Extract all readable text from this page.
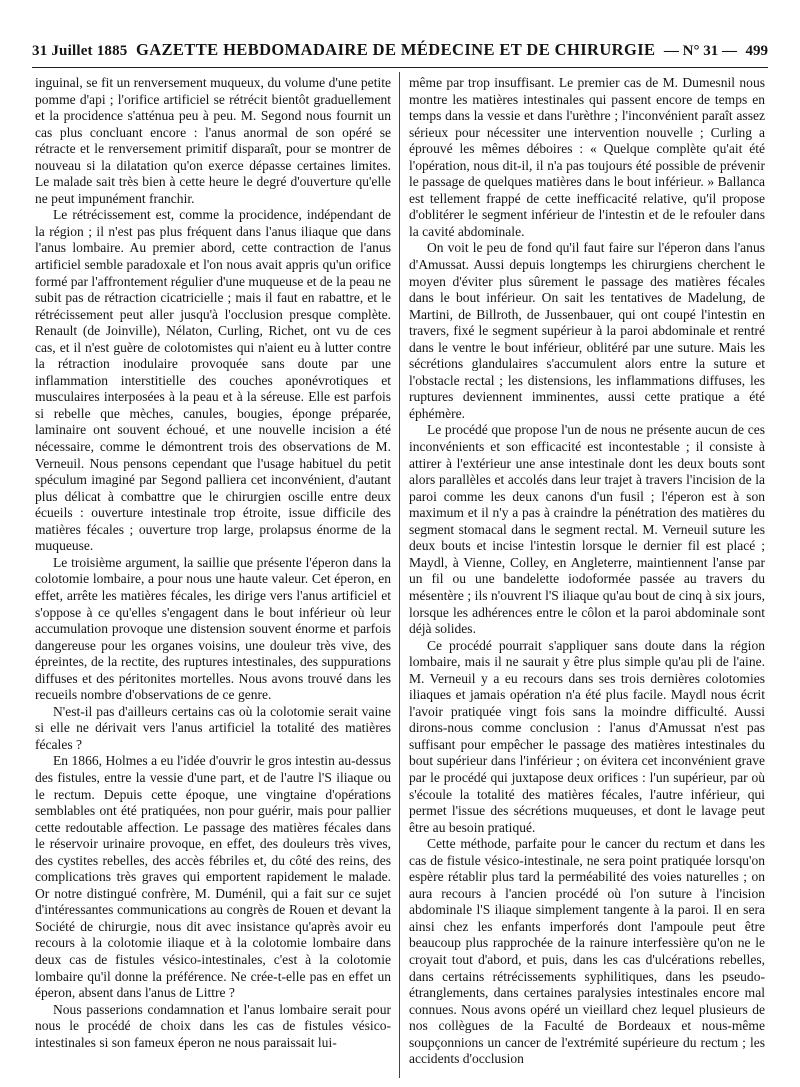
31 Juillet 1885 GAZETTE HEBDOMADAIRE DE MÉDECINE ET DE CHIRURGIE — N° 31 — 499

inguinal, se fit un renversement muqueux, du volume d'une petite pomme d'api ; l'orifice artificiel se rétrécit bientôt graduellement et la procidence s'atténua peu à peu. M. Segond nous fournit un cas plus concluant encore : l'anus anormal de son opéré se rétracte et le renversement primitif disparaît, pour se montrer de nouveau si la dilatation qu'on exerce dépasse certaines limites. Le malade sait très bien à cette heure le degré d'ouverture qu'elle ne peut impunément franchir.

Le rétrécissement est, comme la procidence, indépendant de la région ; il n'est pas plus fréquent dans l'anus iliaque que dans l'anus lombaire. Au premier abord, cette contraction de l'anus artificiel semble paradoxale et l'on nous avait appris qu'un orifice formé par l'affrontement régulier d'une muqueuse et de la peau ne subit pas de rétraction cicatricielle ; mais il faut en rabattre, et le rétrécissement peut aller jusqu'à l'occlusion presque complète. Renault (de Joinville), Nélaton, Curling, Richet, ont vu de ces cas, et il n'est guère de colotomistes qui n'aient eu à lutter contre la rétraction inodulaire provoquée sans doute par une inflammation interstitielle des couches aponévrotiques et musculaires interposées à la peau et à la séreuse. Elle est parfois si rebelle que mèches, canules, bougies, éponge préparée, laminaire ont souvent échoué, et une nouvelle incision a été nécessaire, comme le démontrent trois des observations de M. Verneuil. Nous pensons cependant que l'usage habituel du petit spéculum imaginé par Segond palliera cet inconvénient, d'autant plus délicat à combattre que le chirurgien oscille entre deux écueils : ouverture intestinale trop étroite, issue difficile des matières fécales ; ouverture trop large, prolapsus énorme de la muqueuse.

Le troisième argument, la saillie que présente l'éperon dans la colotomie lombaire, a pour nous une haute valeur. Cet éperon, en effet, arrête les matières fécales, les dirige vers l'anus artificiel et s'oppose à ce qu'elles s'engagent dans le bout inférieur où leur accumulation provoque une distension souvent énorme et parfois dangereuse pour les organes voisins, une douleur très vive, des épreintes, de la rectite, des ruptures intestinales, des suppurations diffuses et des péritonites mortelles. Nous avons trouvé dans les recueils nombre d'observations de ce genre.

N'est-il pas d'ailleurs certains cas où la colotomie serait vaine si elle ne dérivait vers l'anus artificiel la totalité des matières fécales ?

En 1866, Holmes a eu l'idée d'ouvrir le gros intestin au-dessus des fistules, entre la vessie d'une part, et de l'autre l'S iliaque ou le rectum. Depuis cette époque, une vingtaine d'opérations semblables ont été pratiquées, non pour guérir, mais pour pallier cette redoutable affection. Le passage des matières fécales dans le réservoir urinaire provoque, en effet, des douleurs très vives, des cystites rebelles, des accès fébriles et, du côté des reins, des complications très graves qui emportent rapidement le malade. Or notre distingué confrère, M. Duménil, qui a fait sur ce sujet d'intéressantes communications au congrès de Rouen et devant la Société de chirurgie, nous dit avec insistance qu'après avoir eu recours à la colotomie iliaque et à la colotomie lombaire dans deux cas de fistules vésico-intestinales, c'est à la colotomie lombaire qu'il donne la préférence. Ne crée-t-elle pas en effet un éperon, absent dans l'anus de Littre ?

Nous passerions condamnation et l'anus lombaire serait pour nous le procédé de choix dans les cas de fistules vésico-intestinales si son fameux éperon ne nous paraissait lui-

même par trop insuffisant. Le premier cas de M. Dumesnil nous montre les matières intestinales qui passent encore de temps en temps dans la vessie et dans l'urèthre ; l'inconvénient paraît assez sérieux pour nécessiter une intervention nouvelle ; Curling a éprouvé les mêmes déboires : « Quelque complète qu'ait été l'opération, nous dit-il, il n'a pas toujours été possible de prévenir le passage de quelques matières dans le bout inférieur. » Ballanca est tellement frappé de cette inefficacité relative, qu'il propose d'oblitérer le segment inférieur de l'intestin et de le refouler dans la cavité abdominale.

On voit le peu de fond qu'il faut faire sur l'éperon dans l'anus d'Amussat. Aussi depuis longtemps les chirurgiens cherchent le moyen d'éviter plus sûrement le passage des matières fécales dans le bout inférieur. On sait les tentatives de Madelung, de Martini, de Billroth, de Jussenbauer, qui ont coupé l'intestin en travers, fixé le segment supérieur à la paroi abdominale et rentré dans le ventre le bout inférieur, oblitéré par une suture. Mais les sécrétions glandulaires s'accumulent alors entre la suture et l'obstacle rectal ; les distensions, les inflammations diffuses, les ruptures deviennent imminentes, aussi cette pratique a été éphémère.

Le procédé que propose l'un de nous ne présente aucun de ces inconvénients et son efficacité est incontestable ; il consiste à attirer à l'extérieur une anse intestinale dont les deux bouts sont alors parallèles et accolés dans leur trajet à travers l'incision de la paroi comme les deux canons d'un fusil ; l'éperon est à son maximum et il n'y a pas à craindre la pénétration des matières du segment stomacal dans le segment rectal. M. Verneuil suture les deux bouts et incise l'intestin lorsque le dernier fil est placé ; Maydl, à Vienne, Colley, en Angleterre, maintiennent l'anse par un fil ou une bandelette iodoformée passée au travers du mésentère ; ils n'ouvrent l'S iliaque qu'au bout de cinq à six jours, lorsque les adhérences entre le côlon et la paroi abdominale sont déjà solides.

Ce procédé pourrait s'appliquer sans doute dans la région lombaire, mais il ne saurait y être plus simple qu'au pli de l'aine. M. Verneuil y a eu recours dans ses trois dernières colotomies iliaques et jamais opération n'a été plus facile. Maydl nous écrit l'avoir pratiquée vingt fois sans la moindre difficulté. Aussi dirons-nous comme conclusion : l'anus d'Amussat n'est pas suffisant pour empêcher le passage des matières intestinales du bout supérieur dans l'inférieur ; on évitera cet inconvénient grave par le procédé qui juxtapose deux orifices : l'un supérieur, par où s'écoule la totalité des matières fécales, l'autre inférieur, qui permet l'issue des sécrétions muqueuses, et dont le lavage peut être au besoin pratiqué.

Cette méthode, parfaite pour le cancer du rectum et dans les cas de fistule vésico-intestinale, ne sera point pratiquée lorsqu'on espère rétablir plus tard la perméabilité des voies naturelles ; on aura recours à l'ancien procédé où l'on suture à l'incision abdominale l'S iliaque simplement tangente à la paroi. Il en sera ainsi chez les enfants imperforés dont l'ampoule peut être beaucoup plus rapprochée de la rainure interfessière qu'on ne le croyait tout d'abord, et puis, dans les cas d'ulcérations rebelles, dans certains rétrécissements syphilitiques, dans les pseudo-étranglements, dans certaines paralysies intestinales encore mal connues. Nous avons opéré un vieillard chez lequel plusieurs de nos collègues de la Faculté de Bordeaux et nous-même soupçonnions un cancer de l'extrémité supérieure du rectum ; les accidents d'occlusion
